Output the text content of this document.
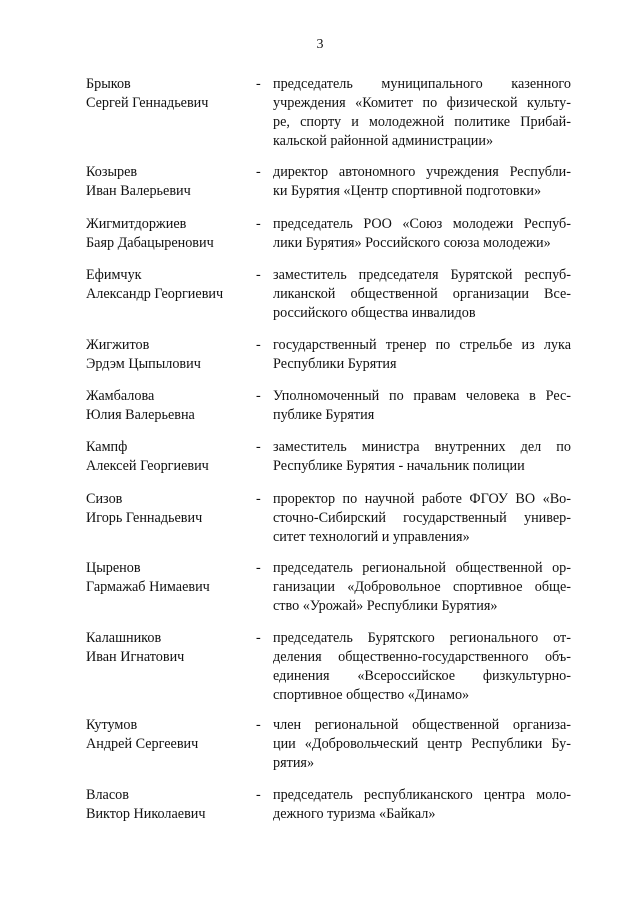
3
Брыков
Сергей Геннадьевич
- председатель муниципального казенного
учреждения «Комитет по физической культу-
ре, спорту и молодежной политике Прибай-
кальской районной администрации»
Козырев
Иван Валерьевич
- директор автономного учреждения Республи-
ки Бурятия «Центр спортивной подготовки»
Жигмитдоржиев
Баяр Дабацыренович
- председатель РОО «Союз молодежи Респуб-
лики Бурятия» Российского союза молодежи»
Ефимчук
Александр Георгиевич
- заместитель председателя Бурятской респуб-
ликанской общественной организации Все-
российского общества инвалидов
Жигжитов
Эрдэм Цыпылович
- государственный тренер по стрельбе из лука
Республики Бурятия
Жамбалова
Юлия Валерьевна
- Уполномоченный по правам человека в Рес-
публике Бурятия
Кампф
Алексей Георгиевич
- заместитель министра внутренних дел по
Республике Бурятия - начальник полиции
Сизов
Игорь Геннадьевич
- проректор по научной работе ФГОУ ВО «Во-
сточно-Сибирский государственный универ-
ситет технологий и управления»
Цыренов
Гармажаб Нимаевич
- председатель региональной общественной ор-
ганизации «Добровольное спортивное обще-
ство «Урожай» Республики Бурятия»
Калашников
Иван Игнатович
- председатель Бурятского регионального от-
деления общественно-государственного объ-
единения «Всероссийское физкультурно-
спортивное общество «Динамо»
Кутумов
Андрей Сергеевич
- член региональной общественной организа-
ции «Добровольческий центр Республики Бу-
рятия»
Власов
Виктор Николаевич
- председатель республиканского центра моло-
дежного туризма «Байкал»
